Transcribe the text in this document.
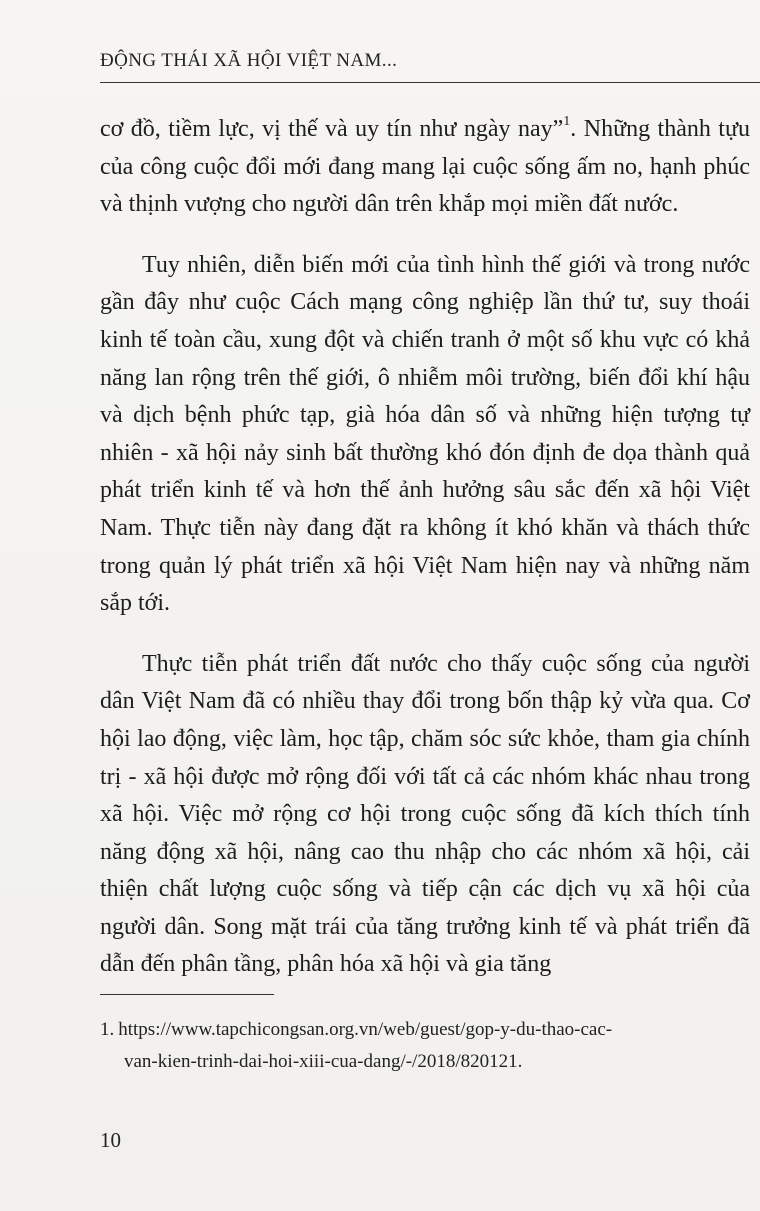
ĐỘNG THÁI XÃ HỘI VIỆT NAM...

cơ đồ, tiềm lực, vị thế và uy tín như ngày nay”$^1$. Những thành tựu của công cuộc đổi mới đang mang lại cuộc sống ấm no, hạnh phúc và thịnh vượng cho người dân trên khắp mọi miền đất nước.

Tuy nhiên, diễn biến mới của tình hình thế giới và trong nước gần đây như cuộc Cách mạng công nghiệp lần thứ tư, suy thoái kinh tế toàn cầu, xung đột và chiến tranh ở một số khu vực có khả năng lan rộng trên thế giới, ô nhiễm môi trường, biến đổi khí hậu và dịch bệnh phức tạp, già hóa dân số và những hiện tượng tự nhiên - xã hội nảy sinh bất thường khó đón định đe dọa thành quả phát triển kinh tế và hơn thế ảnh hưởng sâu sắc đến xã hội Việt Nam. Thực tiễn này đang đặt ra không ít khó khăn và thách thức trong quản lý phát triển xã hội Việt Nam hiện nay và những năm sắp tới.

Thực tiễn phát triển đất nước cho thấy cuộc sống của người dân Việt Nam đã có nhiều thay đổi trong bốn thập kỷ vừa qua. Cơ hội lao động, việc làm, học tập, chăm sóc sức khỏe, tham gia chính trị - xã hội được mở rộng đối với tất cả các nhóm khác nhau trong xã hội. Việc mở rộng cơ hội trong cuộc sống đã kích thích tính năng động xã hội, nâng cao thu nhập cho các nhóm xã hội, cải thiện chất lượng cuộc sống và tiếp cận các dịch vụ xã hội của người dân. Song mặt trái của tăng trưởng kinh tế và phát triển đã dẫn đến phân tầng, phân hóa xã hội và gia tăng

1. https://www.tapchicongsan.org.vn/web/guest/gop-y-du-thao-cac-
van-kien-trinh-dai-hoi-xiii-cua-dang/-/2018/820121.
10
